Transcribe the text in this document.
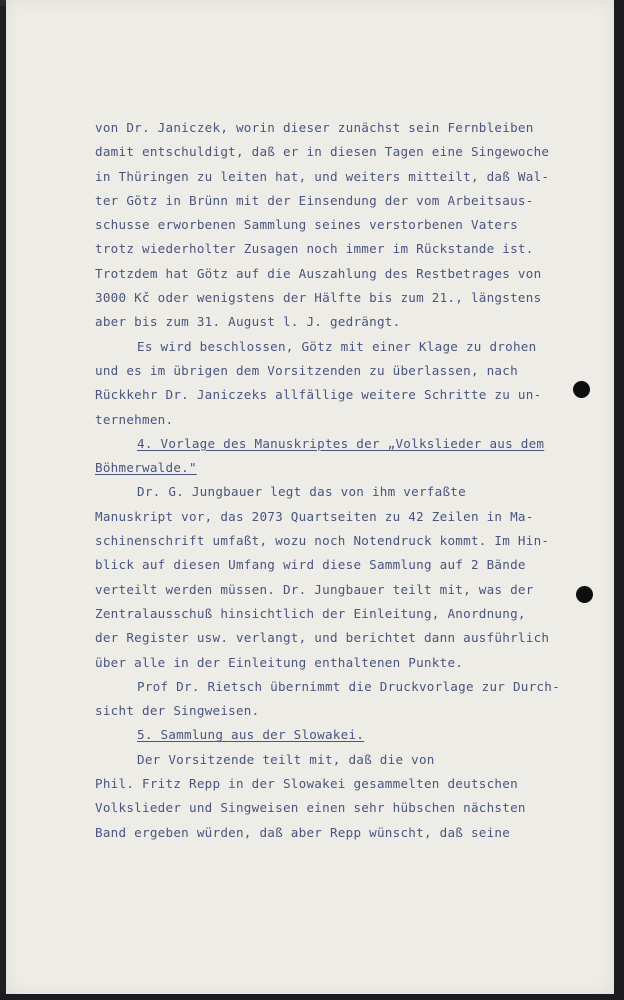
von Dr. Janiczek, worin dieser zunächst sein Fernbleiben
damit entschuldigt, daß er in diesen Tagen eine Singewoche
in Thüringen zu leiten hat, und weiters mitteilt, daß Wal-
ter Götz in Brünn mit der Einsendung der vom Arbeitsaus-
schusse erworbenen Sammlung seines verstorbenen Vaters
trotz wiederholter Zusagen noch immer im Rückstande ist.
Trotzdem hat Götz auf die Auszahlung des Restbetrages von
3000 Kč oder wenigstens der Hälfte bis zum 21., längstens
aber bis zum 31. August l. J. gedrängt.
Es wird beschlossen, Götz mit einer Klage zu drohen
und es im übrigen dem Vorsitzenden zu überlassen, nach
Rückkehr Dr. Janiczeks allfällige weitere Schritte zu un-
ternehmen.
4. Vorlage des Manuskriptes der „Volkslieder aus dem
Böhmerwalde."
Dr. G. Jungbauer legt das von ihm verfaßte
Manuskript vor, das 2073 Quartseiten zu 42 Zeilen in Ma-
schinenschrift umfaßt, wozu noch Notendruck kommt. Im Hin-
blick auf diesen Umfang wird diese Sammlung auf 2 Bände
verteilt werden müssen. Dr. Jungbauer teilt mit, was der
Zentralausschuß hinsichtlich der Einleitung, Anordnung,
der Register usw. verlangt, und berichtet dann ausführlich
über alle in der Einleitung enthaltenen Punkte.
Prof Dr. Rietsch übernimmt die Druckvorlage zur Durch-
sicht der Singweisen.
5. Sammlung aus der Slowakei.
Der Vorsitzende teilt mit, daß die von
Phil. Fritz Repp in der Slowakei gesammelten deutschen
Volkslieder und Singweisen einen sehr hübschen nächsten
Band ergeben würden, daß aber Repp wünscht, daß seine
